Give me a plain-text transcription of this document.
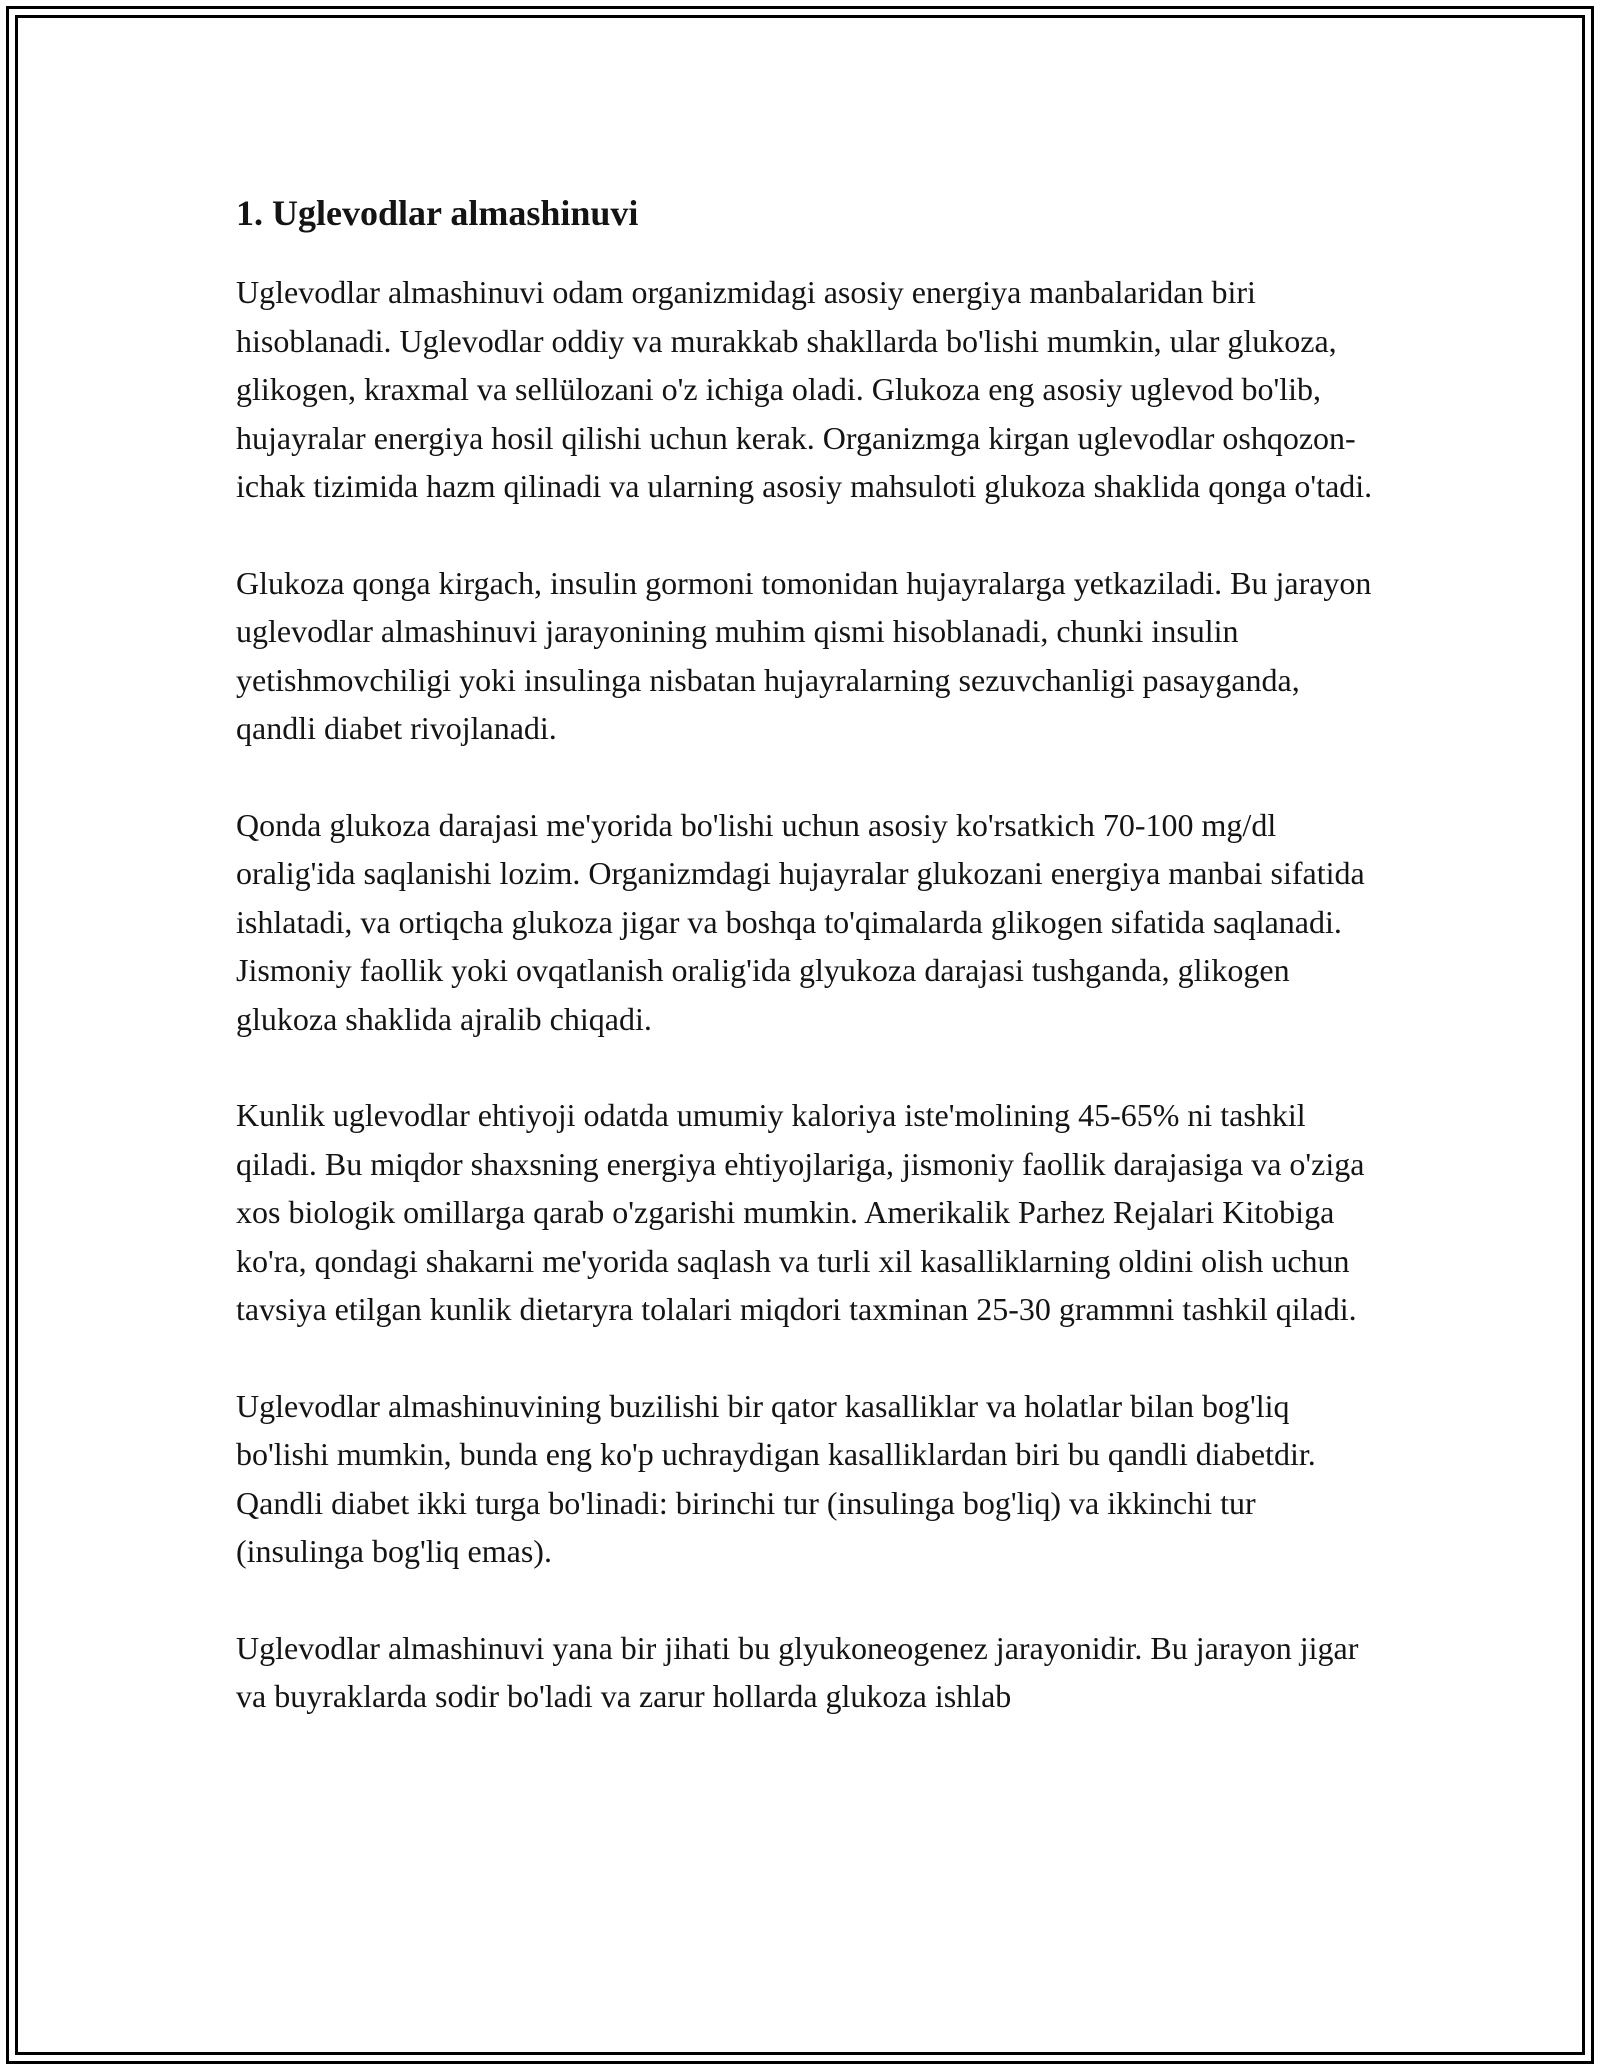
1. Uglevodlar almashinuvi

Uglevodlar almashinuvi odam organizmidagi asosiy energiya manbalaridan biri hisoblanadi. Uglevodlar oddiy va murakkab shakllarda bo'lishi mumkin, ular glukoza, glikogen, kraxmal va sellülozani o'z ichiga oladi. Glukoza eng asosiy uglevod bo'lib, hujayralar energiya hosil qilishi uchun kerak. Organizmga kirgan uglevodlar oshqozon-ichak tizimida hazm qilinadi va ularning asosiy mahsuloti glukoza shaklida qonga o'tadi.

Glukoza qonga kirgach, insulin gormoni tomonidan hujayralarga yetkaziladi. Bu jarayon uglevodlar almashinuvi jarayonining muhim qismi hisoblanadi, chunki insulin yetishmovchiligi yoki insulinga nisbatan hujayralarning sezuvchanligi pasayganda, qandli diabet rivojlanadi.

Qonda glukoza darajasi me'yorida bo'lishi uchun asosiy ko'rsatkich 70-100 mg/dl oralig'ida saqlanishi lozim. Organizmdagi hujayralar glukozani energiya manbai sifatida ishlatadi, va ortiqcha glukoza jigar va boshqa to'qimalarda glikogen sifatida saqlanadi. Jismoniy faollik yoki ovqatlanish oralig'ida glyukoza darajasi tushganda, glikogen glukoza shaklida ajralib chiqadi.

Kunlik uglevodlar ehtiyoji odatda umumiy kaloriya iste'molining 45-65% ni tashkil qiladi. Bu miqdor shaxsning energiya ehtiyojlariga, jismoniy faollik darajasiga va o'ziga xos biologik omillarga qarab o'zgarishi mumkin. Amerikalik Parhez Rejalari Kitobiga ko'ra, qondagi shakarni me'yorida saqlash va turli xil kasalliklarning oldini olish uchun tavsiya etilgan kunlik dietaryra tolalari miqdori taxminan 25-30 grammni tashkil qiladi.

Uglevodlar almashinuvining buzilishi bir qator kasalliklar va holatlar bilan bog'liq bo'lishi mumkin, bunda eng ko'p uchraydigan kasalliklardan biri bu qandli diabetdir. Qandli diabet ikki turga bo'linadi: birinchi tur (insulinga bog'liq) va ikkinchi tur (insulinga bog'liq emas).

Uglevodlar almashinuvi yana bir jihati bu glyukoneogenez jarayonidir. Bu jarayon jigar va buyraklarda sodir bo'ladi va zarur hollarda glukoza ishlab
